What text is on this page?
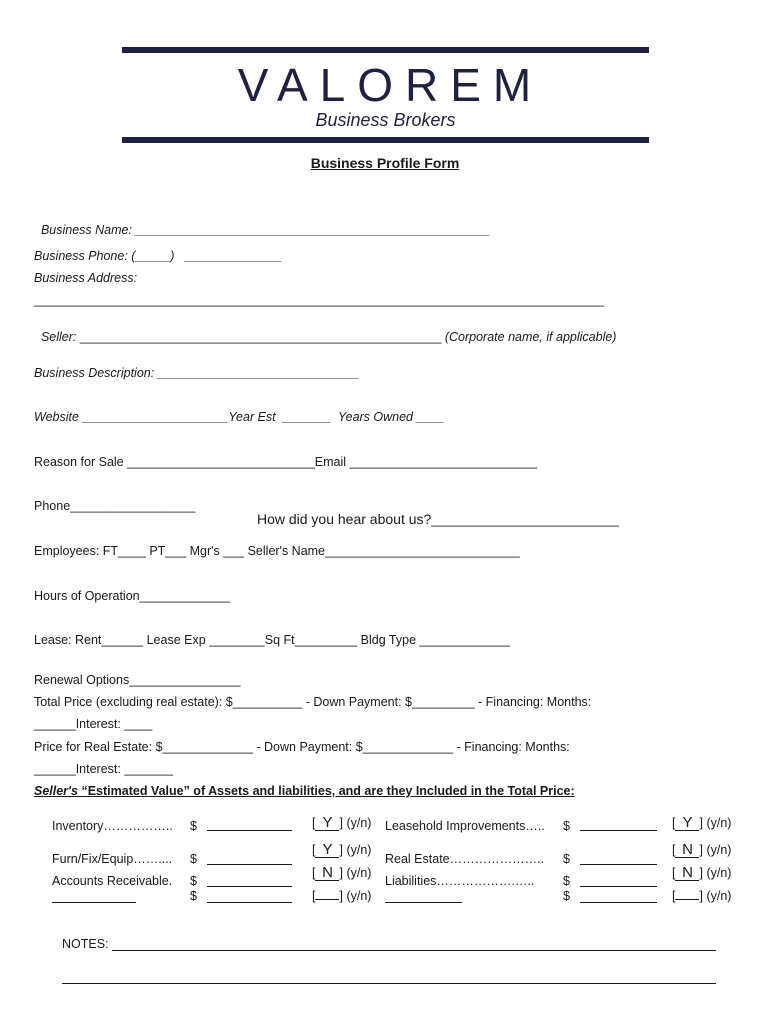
VALOREM
Business Brokers
Business Profile Form

Business Name: ___________________________________________________

Business Phone: (_____)   ______________
Business Address:
__________________________________________________________________________________

Seller: ____________________________________________________ (Corporate name, if applicable)

Business Description: _____________________________
Website _____________________Year Est  _______  Years Owned ____
Reason for Sale ___________________________Email ___________________________
Phone__________________

How did you hear about us?___________________________

Employees: FT____ PT___ Mgr's ___ Seller's Name____________________________
Hours of Operation_____________
Lease: Rent______ Lease Exp ________Sq Ft_________ Bldg Type _____________
Renewal Options________________
Total Price (excluding real estate): $__________ - Down Payment: $_________ - Financing: Months:
______Interest: ____
Price for Real Estate: $_____________ - Down Payment: $_____________ - Financing: Months:
______Interest: _______
Seller's “Estimated Value” of Assets and liabilities, and are they Included in the Total Price:
Inventory……………..
Furn/Fix/Equip……....
Accounts Receivable.
$
$
$
$
[ Y ] (y/n)
[ Y ] (y/n)
[ N ] (y/n)
[ ] (y/n)
Leasehold Improvements…..
Real Estate…………………..
Liabilities……………….…..
$
$
$
$
[ Y ] (y/n)
[ N ] (y/n)
[ N ] (y/n)
[ ] (y/n)
NOTES:
